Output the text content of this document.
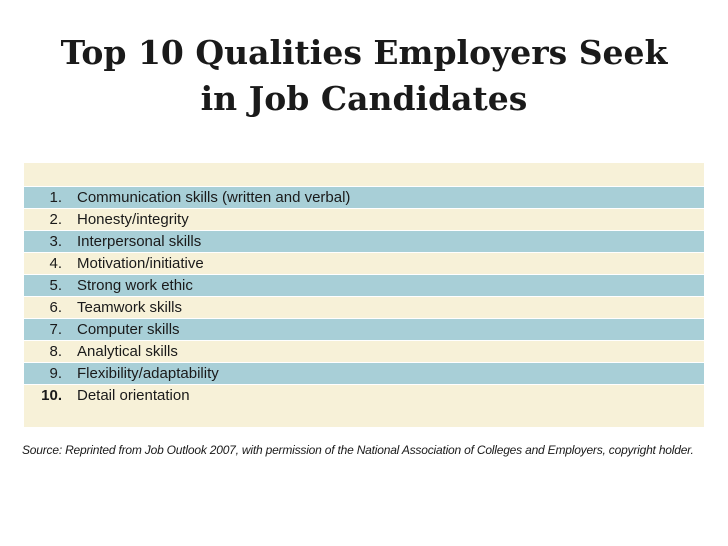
Top 10 Qualities Employers Seek
in Job Candidates
1. Communication skills (written and verbal)
2. Honesty/integrity
3. Interpersonal skills
4. Motivation/initiative
5. Strong work ethic
6. Teamwork skills
7. Computer skills
8. Analytical skills
9. Flexibility/adaptability
10. Detail orientation
Source: Reprinted from Job Outlook 2007, with permission of the National Association of Colleges and Employers, copyright holder.
